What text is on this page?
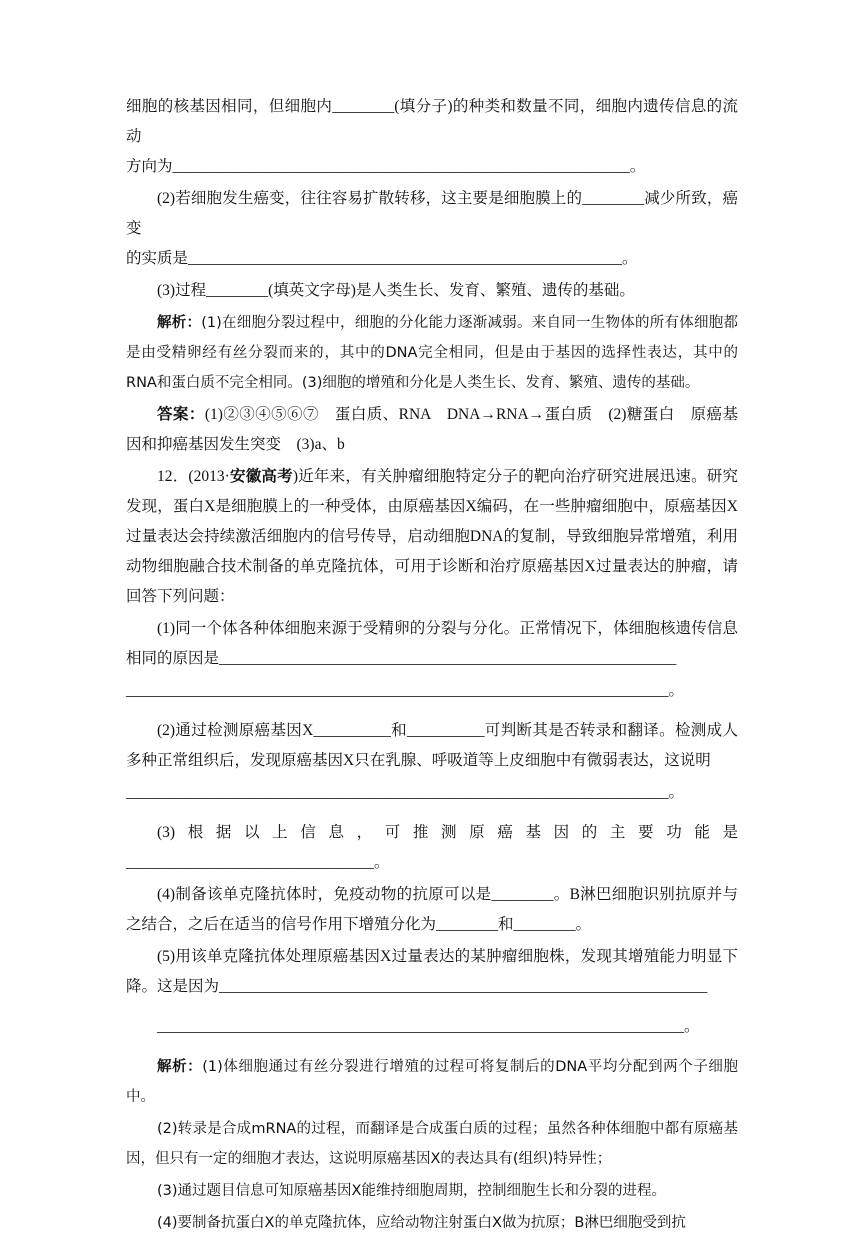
细胞的核基因相同，但细胞内________(填分子)的种类和数量不同，细胞内遗传信息的流动
方向为___________________________________________________________。

(2)若细胞发生癌变，往往容易扩散转移，这主要是细胞膜上的________减少所致，癌变
的实质是________________________________________________________。

(3)过程________(填英文字母)是人类生长、发育、繁殖、遗传的基础。

解析：(1)在细胞分裂过程中，细胞的分化能力逐渐减弱。来自同一生物体的所有体细胞都是由受精卵经有丝分裂而来的，其中的DNA完全相同，但是由于基因的选择性表达，其中的RNA和蛋白质不完全相同。(3)细胞的增殖和分化是人类生长、发育、繁殖、遗传的基础。

答案：(1)②③④⑤⑥⑦　蛋白质、RNA　DNA→RNA→蛋白质　(2)糖蛋白　原癌基因和抑癌基因发生突变　(3)a、b

12．(2013·安徽高考)近年来，有关肿瘤细胞特定分子的靶向治疗研究进展迅速。研究发现，蛋白X是细胞膜上的一种受体，由原癌基因X编码，在一些肿瘤细胞中，原癌基因X过量表达会持续激活细胞内的信号传导，启动细胞DNA的复制，导致细胞异常增殖，利用动物细胞融合技术制备的单克隆抗体，可用于诊断和治疗原癌基因X过量表达的肿瘤，请回答下列问题：

(1)同一个体各种体细胞来源于受精卵的分裂与分化。正常情况下，体细胞核遗传信息相同的原因是___________________________________________________________

______________________________________________________________________。

(2)通过检测原癌基因X__________和__________可判断其是否转录和翻译。检测成人多种正常组织后，发现原癌基因X只在乳腺、呼吸道等上皮细胞中有微弱表达，这说明

______________________________________________________________________。

(3)根据以上信息，可推测原癌基因的主要功能是________________________________。

(4)制备该单克隆抗体时，免疫动物的抗原可以是________。B淋巴细胞识别抗原并与之结合，之后在适当的信号作用下增殖分化为________和________。

(5)用该单克隆抗体处理原癌基因X过量表达的某肿瘤细胞株，发现其增殖能力明显下降。这是因为_______________________________________________________________

____________________________________________________________________。

解析：(1)体细胞通过有丝分裂进行增殖的过程可将复制后的DNA平均分配到两个子细胞中。

(2)转录是合成mRNA的过程，而翻译是合成蛋白质的过程；虽然各种体细胞中都有原癌基因，但只有一定的细胞才表达，这说明原癌基因X的表达具有(组织)特异性；

(3)通过题目信息可知原癌基因X能维持细胞周期，控制细胞生长和分裂的进程。

(4)要制备抗蛋白X的单克隆抗体，应给动物注射蛋白X做为抗原；B淋巴细胞受到抗
